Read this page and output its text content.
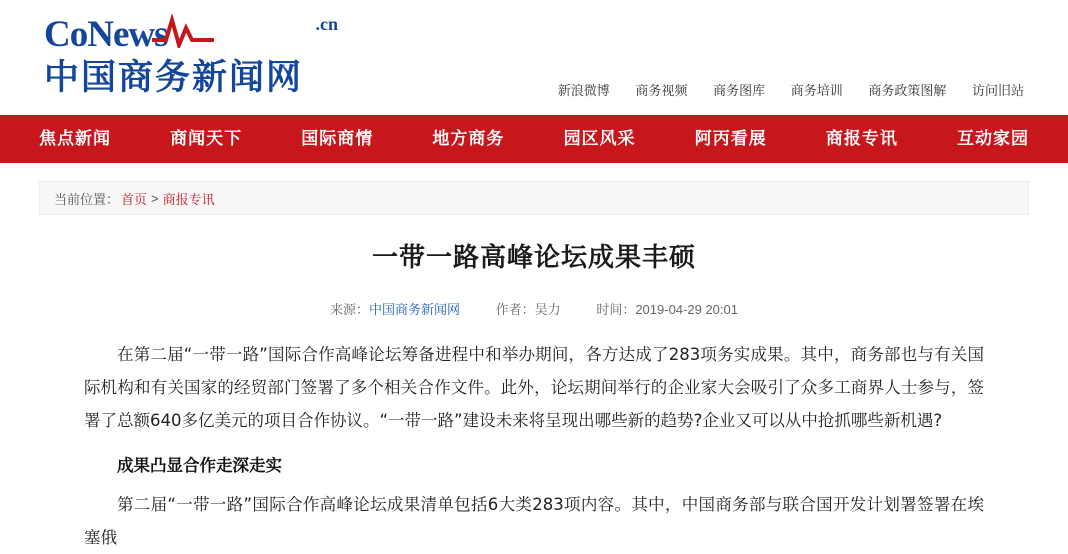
CoNews	.cn
中国商务新闻网	新浪微博 商务视频 商务图库 商务培训 商务政策图解 访问旧站
焦点新闻	商闻天下	国际商情	地方商务	园区风采	阿丙看展	商报专讯	互动家园
当前位置： 首页 > 商报专讯
一带一路高峰论坛成果丰硕
来源：中国商务新闻网	作者：吴力	时间：2019-04-29 20:01

在第二届“一带一路”国际合作高峰论坛筹备进程中和举办期间，各方达成了283项务实成果。其中，商务部也与有关国际机构和有关国家的经贸部门签署了多个相关合作文件。此外，论坛期间举行的企业家大会吸引了众多工商界人士参与，签署了总额640多亿美元的项目合作协议。“一带一路”建设未来将呈现出哪些新的趋势?企业又可以从中抢抓哪些新机遇?

成果凸显合作走深走实

第二届“一带一路”国际合作高峰论坛成果清单包括6大类283项内容。其中，中国商务部与联合国开发计划署签署在埃塞俄
